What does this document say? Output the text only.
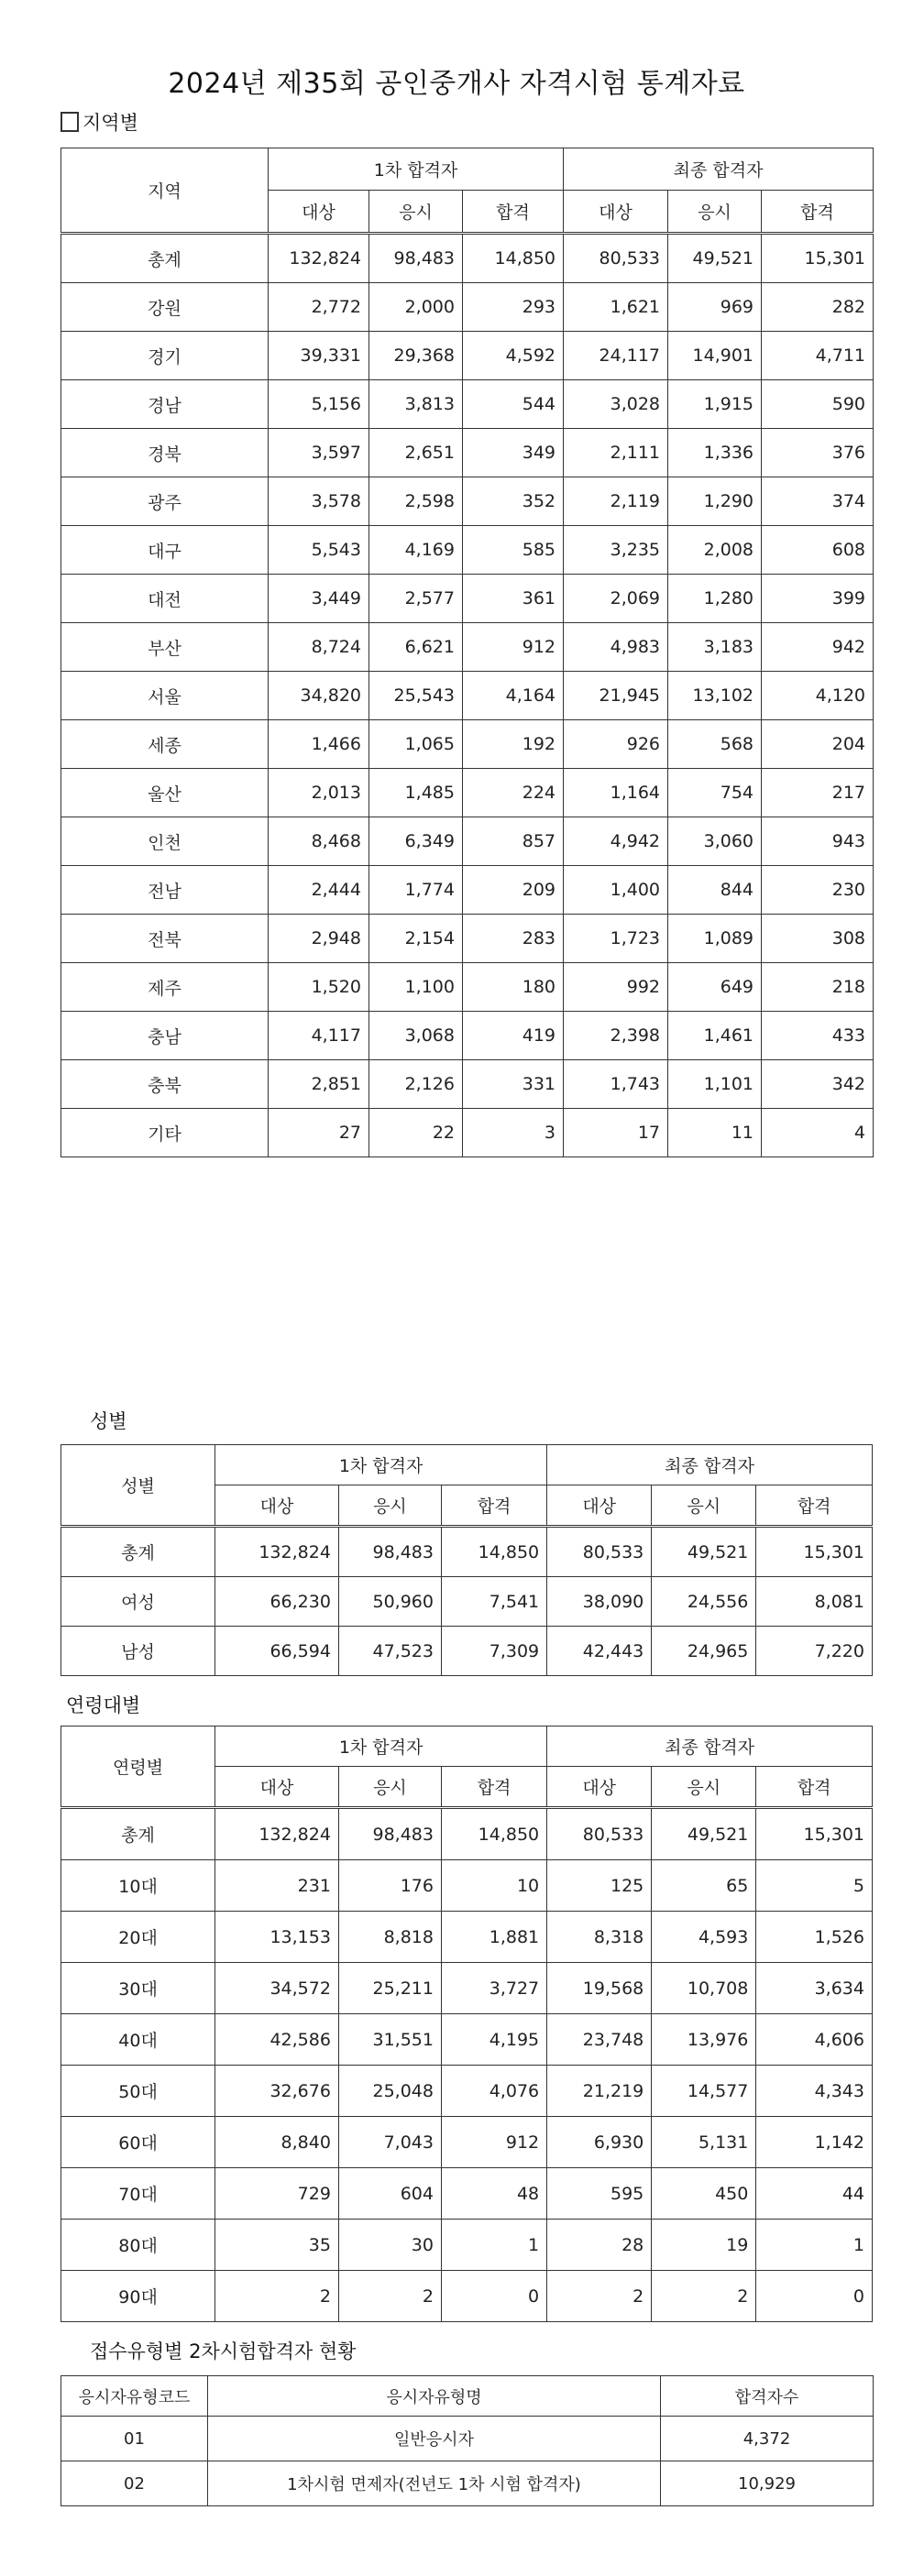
2024년 제35회 공인중개사 자격시험 통계자료
지역별
지역	1차 합격자			최종 합격자		
	대상	응시	합격	대상	응시	합격
총계	132,824	98,483	14,850	80,533	49,521	15,301
강원	2,772	2,000	293	1,621	969	282
경기	39,331	29,368	4,592	24,117	14,901	4,711
경남	5,156	3,813	544	3,028	1,915	590
경북	3,597	2,651	349	2,111	1,336	376
광주	3,578	2,598	352	2,119	1,290	374
대구	5,543	4,169	585	3,235	2,008	608
대전	3,449	2,577	361	2,069	1,280	399
부산	8,724	6,621	912	4,983	3,183	942
서울	34,820	25,543	4,164	21,945	13,102	4,120
세종	1,466	1,065	192	926	568	204
울산	2,013	1,485	224	1,164	754	217
인천	8,468	6,349	857	4,942	3,060	943
전남	2,444	1,774	209	1,400	844	230
전북	2,948	2,154	283	1,723	1,089	308
제주	1,520	1,100	180	992	649	218
충남	4,117	3,068	419	2,398	1,461	433
충북	2,851	2,126	331	1,743	1,101	342
기타	27	22	3	17	11	4
성별
성별	1차 합격자			최종 합격자		
	대상	응시	합격	대상	응시	합격
총계	132,824	98,483	14,850	80,533	49,521	15,301
여성	66,230	50,960	7,541	38,090	24,556	8,081
남성	66,594	47,523	7,309	42,443	24,965	7,220
연령대별
연령별	1차 합격자			최종 합격자		
	대상	응시	합격	대상	응시	합격
총계	132,824	98,483	14,850	80,533	49,521	15,301
10대	231	176	10	125	65	5
20대	13,153	8,818	1,881	8,318	4,593	1,526
30대	34,572	25,211	3,727	19,568	10,708	3,634
40대	42,586	31,551	4,195	23,748	13,976	4,606
50대	32,676	25,048	4,076	21,219	14,577	4,343
60대	8,840	7,043	912	6,930	5,131	1,142
70대	729	604	48	595	450	44
80대	35	30	1	28	19	1
90대	2	2	0	2	2	0
접수유형별 2차시험합격자 현황
응시자유형코드	응시자유형명	합격자수
01	일반응시자	4,372
02	1차시험 면제자(전년도 1차 시험 합격자)	10,929
